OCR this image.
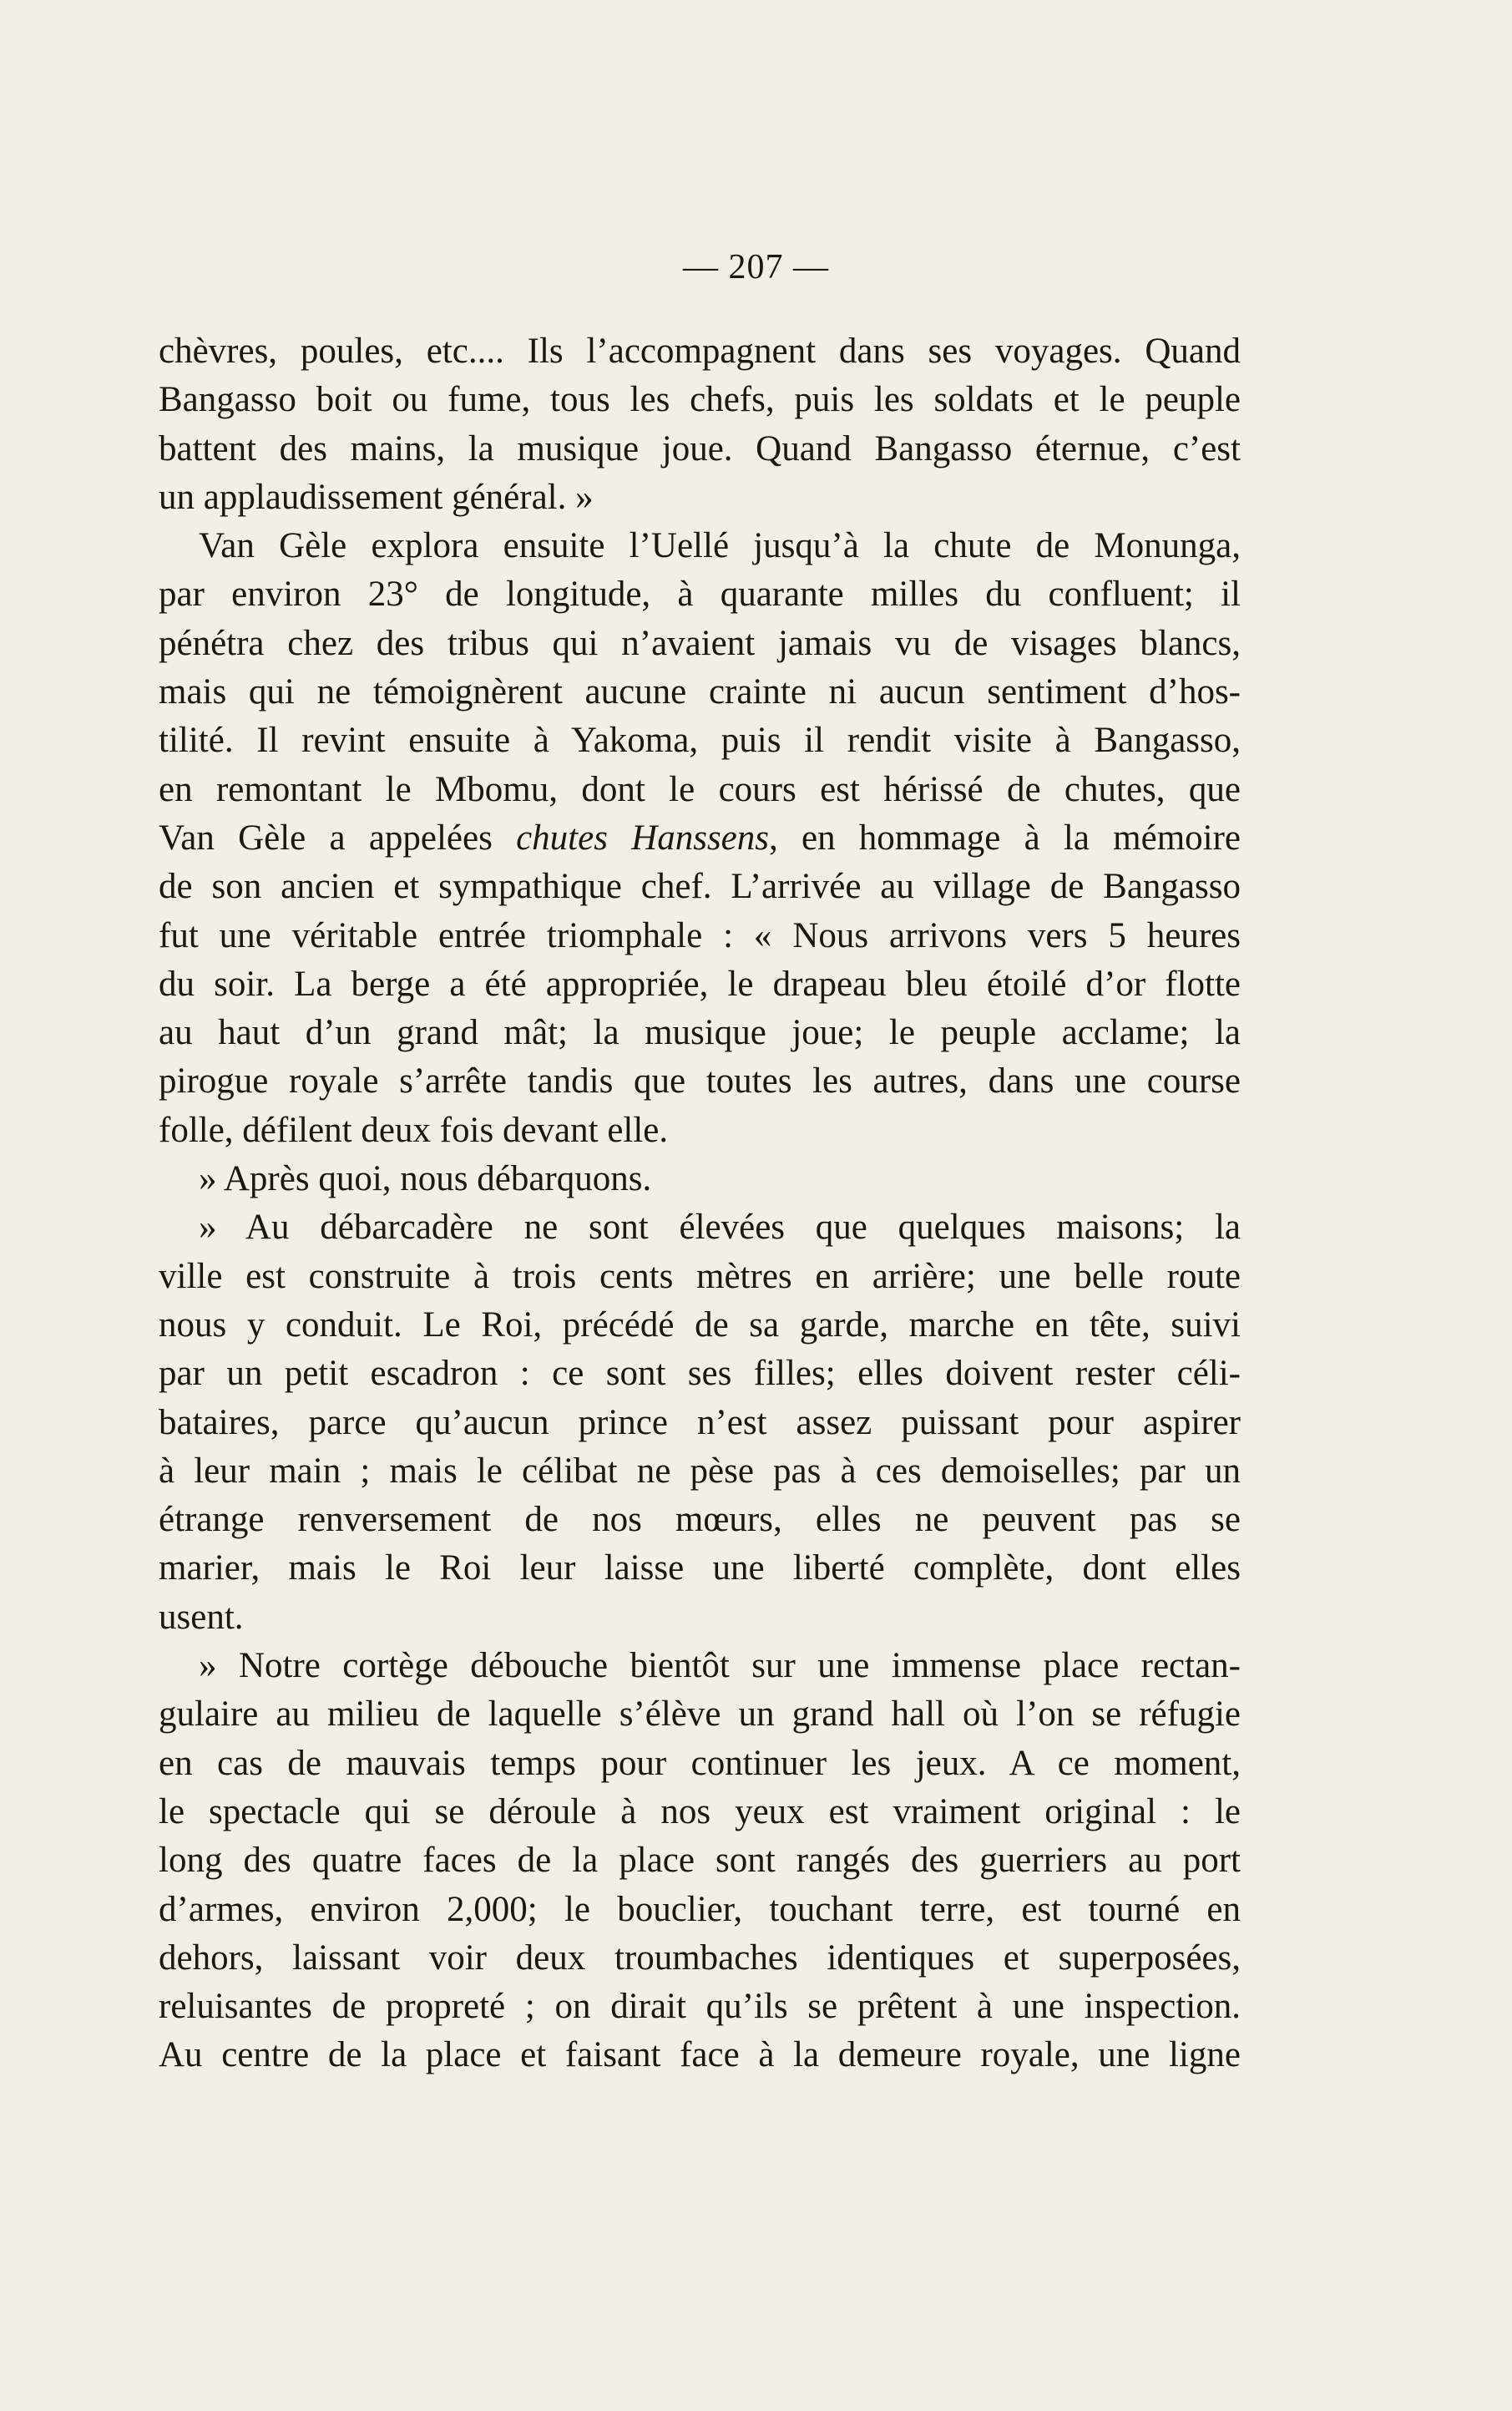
— 207 —
chèvres, poules, etc.... Ils l’accompagnent dans ses voyages. Quand
Bangasso boit ou fume, tous les chefs, puis les soldats et le peuple
battent des mains, la musique joue. Quand Bangasso éternue, c’est
un applaudissement général. »
Van Gèle explora ensuite l’Uellé jusqu’à la chute de Monunga,
par environ 23° de longitude, à quarante milles du confluent; il
pénétra chez des tribus qui n’avaient jamais vu de visages blancs,
mais qui ne témoignèrent aucune crainte ni aucun sentiment d’hos-
tilité. Il revint ensuite à Yakoma, puis il rendit visite à Bangasso,
en remontant le Mbomu, dont le cours est hérissé de chutes, que
Van Gèle a appelées chutes Hanssens, en hommage à la mémoire
de son ancien et sympathique chef. L’arrivée au village de Bangasso
fut une véritable entrée triomphale : « Nous arrivons vers 5 heures
du soir. La berge a été appropriée, le drapeau bleu étoilé d’or flotte
au haut d’un grand mât; la musique joue; le peuple acclame; la
pirogue royale s’arrête tandis que toutes les autres, dans une course
folle, défilent deux fois devant elle.
» Après quoi, nous débarquons.
» Au débarcadère ne sont élevées que quelques maisons; la
ville est construite à trois cents mètres en arrière; une belle route
nous y conduit. Le Roi, précédé de sa garde, marche en tête, suivi
par un petit escadron : ce sont ses filles; elles doivent rester céli-
bataires, parce qu’aucun prince n’est assez puissant pour aspirer
à leur main ; mais le célibat ne pèse pas à ces demoiselles; par un
étrange renversement de nos mœurs, elles ne peuvent pas se
marier, mais le Roi leur laisse une liberté complète, dont elles
usent.
» Notre cortège débouche bientôt sur une immense place rectan-
gulaire au milieu de laquelle s’élève un grand hall où l’on se réfugie
en cas de mauvais temps pour continuer les jeux. A ce moment,
le spectacle qui se déroule à nos yeux est vraiment original : le
long des quatre faces de la place sont rangés des guerriers au port
d’armes, environ 2,000; le bouclier, touchant terre, est tourné en
dehors, laissant voir deux troumbaches identiques et superposées,
reluisantes de propreté ; on dirait qu’ils se prêtent à une inspection.
Au centre de la place et faisant face à la demeure royale, une ligne
